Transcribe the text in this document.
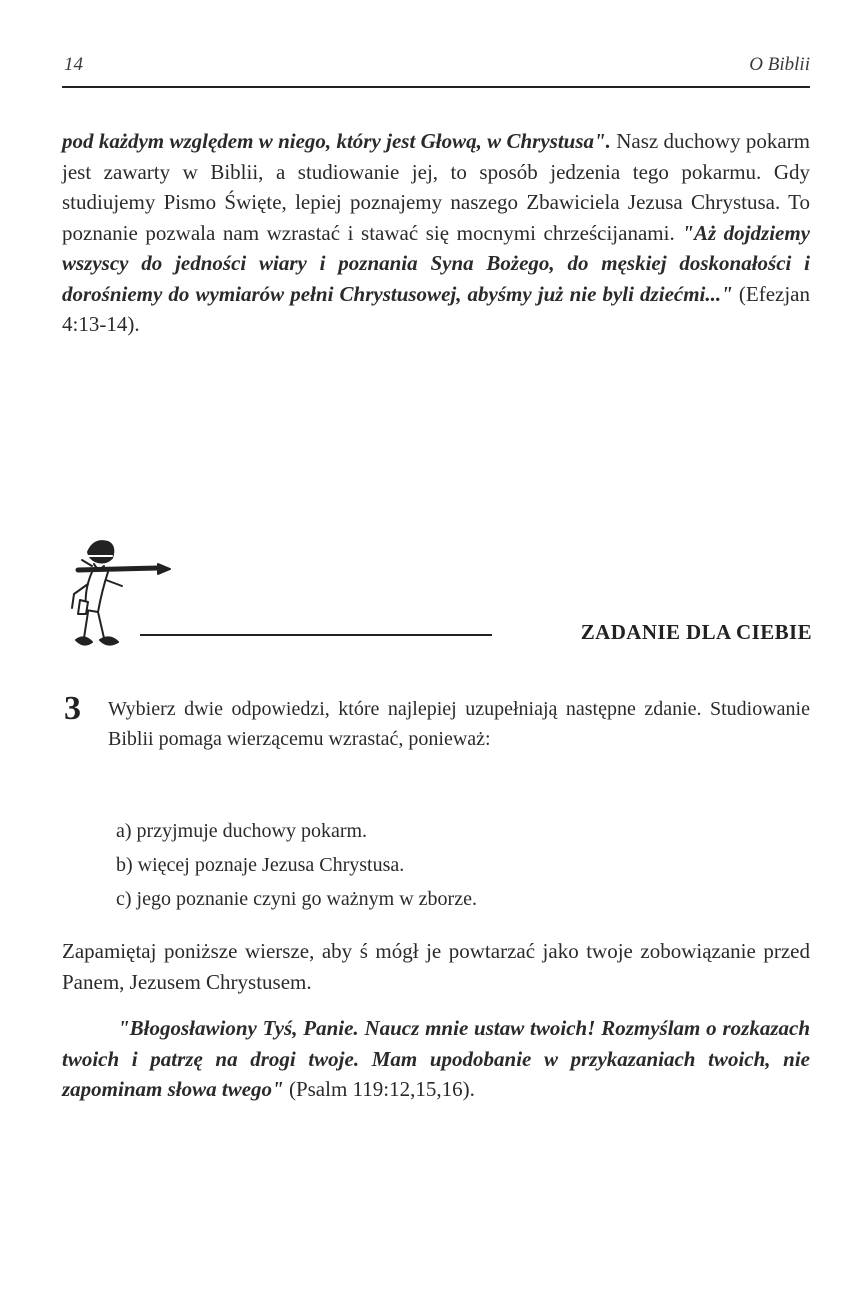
14	O Biblii

pod każdym względem w niego, który jest Głową, w Chrystusa". Nasz duchowy pokarm jest zawarty w Biblii, a studiowanie jej, to sposób jedzenia tego pokarmu. Gdy studiujemy Pismo Święte, lepiej poznajemy naszego Zbawiciela Jezusa Chrystusa. To poznanie pozwala nam wzrastać i stawać się mocnymi chrześcijanami. "Aż dojdziemy wszyscy do jedności wiary i poznania Syna Bożego, do męskiej doskonałości i dorośniemy do wymiarów pełni Chrystusowej, abyśmy już nie byli dziećmi..." (Efezjan 4:13-14).

ZADANIE DLA CIEBIE
3 Wybierz dwie odpowiedzi, które najlepiej uzupełniają następne zdanie. Studiowanie Biblii pomaga wierzącemu wzrastać, ponieważ:

a) przyjmuje duchowy pokarm.
b) więcej poznaje Jezusa Chrystusa.
c) jego poznanie czyni go ważnym w zborze.

Zapamiętaj poniższe wiersze, aby ś mógł je powtarzać jako twoje zobowiązanie przed Panem, Jezusem Chrystusem.

"Błogosławiony Tyś, Panie. Naucz mnie ustaw twoich! Rozmyślam o rozkazach twoich i patrzę na drogi twoje. Mam upodobanie w przykazaniach twoich, nie zapominam słowa twego" (Psalm 119:12,15,16).
